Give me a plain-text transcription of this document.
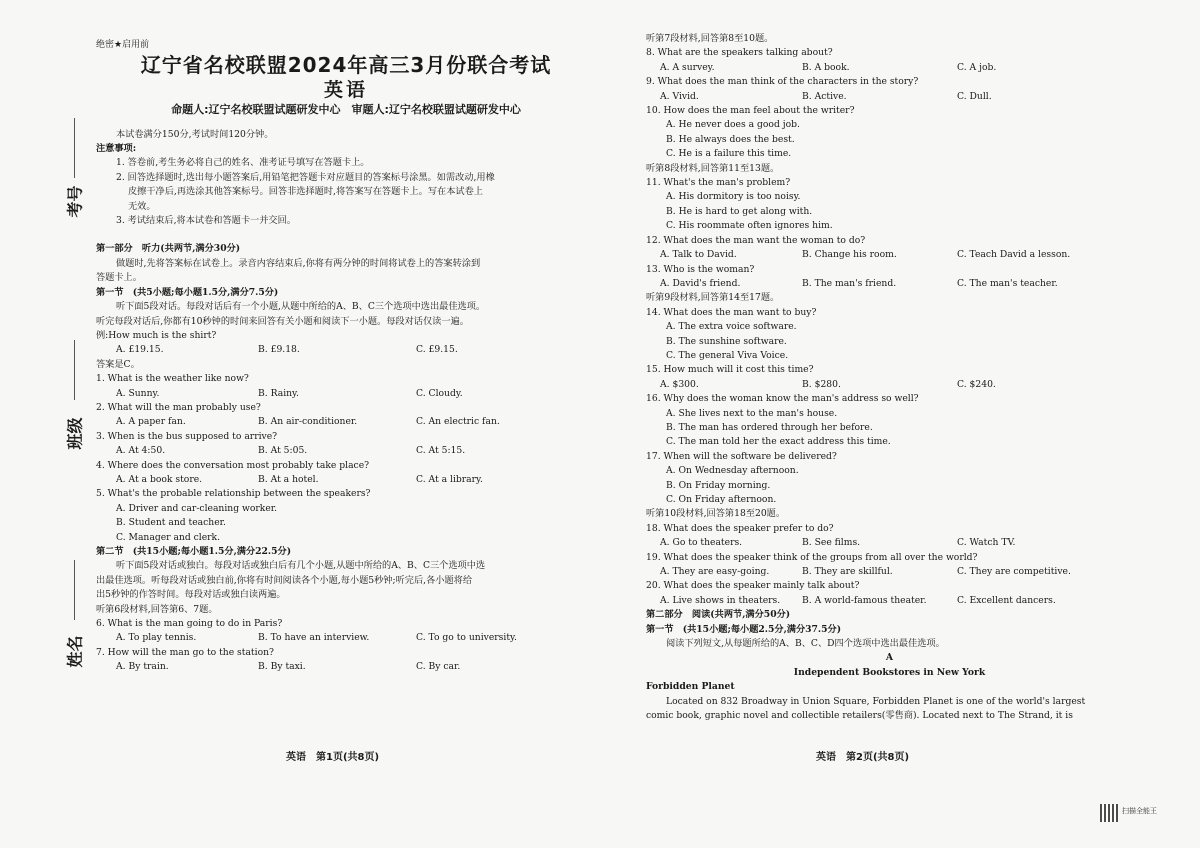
考号
班级
姓名
绝密★启用前
辽宁省名校联盟2024年高三3月份联合考试
英语
命题人:辽宁名校联盟试题研发中心　审题人:辽宁名校联盟试题研发中心
本试卷满分150分,考试时间120分钟。
注意事项:
1. 答卷前,考生务必将自己的姓名、准考证号填写在答题卡上。
2. 回答选择题时,选出每小题答案后,用铅笔把答题卡对应题目的答案标号涂黑。如需改动,用橡
皮擦干净后,再选涂其他答案标号。回答非选择题时,将答案写在答题卡上。写在本试卷上
无效。
3. 考试结束后,将本试卷和答题卡一并交回。
第一部分　听力(共两节,满分30分)
做题时,先将答案标在试卷上。录音内容结束后,你将有两分钟的时间将试卷上的答案转涂到
答题卡上。
第一节　(共5小题;每小题1.5分,满分7.5分)
听下面5段对话。每段对话后有一个小题,从题中所给的A、B、C三个选项中选出最佳选项。
听完每段对话后,你都有10秒钟的时间来回答有关小题和阅读下一小题。每段对话仅读一遍。
例:How much is the shirt?
A. £19.15.	B. £9.18.	C. £9.15.
答案是C。
1. What is the weather like now?
A. Sunny.	B. Rainy.	C. Cloudy.
2. What will the man probably use?
A. A paper fan.	B. An air-conditioner.	C. An electric fan.
3. When is the bus supposed to arrive?
A. At 4:50.	B. At 5:05.	C. At 5:15.
4. Where does the conversation most probably take place?
A. At a book store.	B. At a hotel.	C. At a library.
5. What's the probable relationship between the speakers?
A. Driver and car-cleaning worker.
B. Student and teacher.
C. Manager and clerk.
第二节　(共15小题;每小题1.5分,满分22.5分)
听下面5段对话或独白。每段对话或独白后有几个小题,从题中所给的A、B、C三个选项中选
出最佳选项。听每段对话或独白前,你将有时间阅读各个小题,每小题5秒钟;听完后,各小题将给
出5秒钟的作答时间。每段对话或独白读两遍。
听第6段材料,回答第6、7题。
6. What is the man going to do in Paris?
A. To play tennis.	B. To have an interview.	C. To go to university.
7. How will the man go to the station?
A. By train.	B. By taxi.	C. By car.
英语　第1页(共8页)
听第7段材料,回答第8至10题。
8. What are the speakers talking about?
A. A survey.	B. A book.	C. A job.
9. What does the man think of the characters in the story?
A. Vivid.	B. Active.	C. Dull.
10. How does the man feel about the writer?
A. He never does a good job.
B. He always does the best.
C. He is a failure this time.
听第8段材料,回答第11至13题。
11. What's the man's problem?
A. His dormitory is too noisy.
B. He is hard to get along with.
C. His roommate often ignores him.
12. What does the man want the woman to do?
A. Talk to David.	B. Change his room.	C. Teach David a lesson.
13. Who is the woman?
A. David's friend.	B. The man's friend.	C. The man's teacher.
听第9段材料,回答第14至17题。
14. What does the man want to buy?
A. The extra voice software.
B. The sunshine software.
C. The general Viva Voice.
15. How much will it cost this time?
A. $300.	B. $280.	C. $240.
16. Why does the woman know the man's address so well?
A. She lives next to the man's house.
B. The man has ordered through her before.
C. The man told her the exact address this time.
17. When will the software be delivered?
A. On Wednesday afternoon.
B. On Friday morning.
C. On Friday afternoon.
听第10段材料,回答第18至20题。
18. What does the speaker prefer to do?
A. Go to theaters.	B. See films.	C. Watch TV.
19. What does the speaker think of the groups from all over the world?
A. They are easy-going.	B. They are skillful.	C. They are competitive.
20. What does the speaker mainly talk about?
A. Live shows in theaters.	B. A world-famous theater.	C. Excellent dancers.
第二部分　阅读(共两节,满分50分)
第一节　(共15小题;每小题2.5分,满分37.5分)
阅读下列短文,从每题所给的A、B、C、D四个选项中选出最佳选项。
A
Independent Bookstores in New York
Forbidden Planet
Located on 832 Broadway in Union Square, Forbidden Planet is one of the world's largest
comic book, graphic novel and collectible retailers(零售商). Located next to The Strand, it is
英语　第2页(共8页)
扫描全能王
